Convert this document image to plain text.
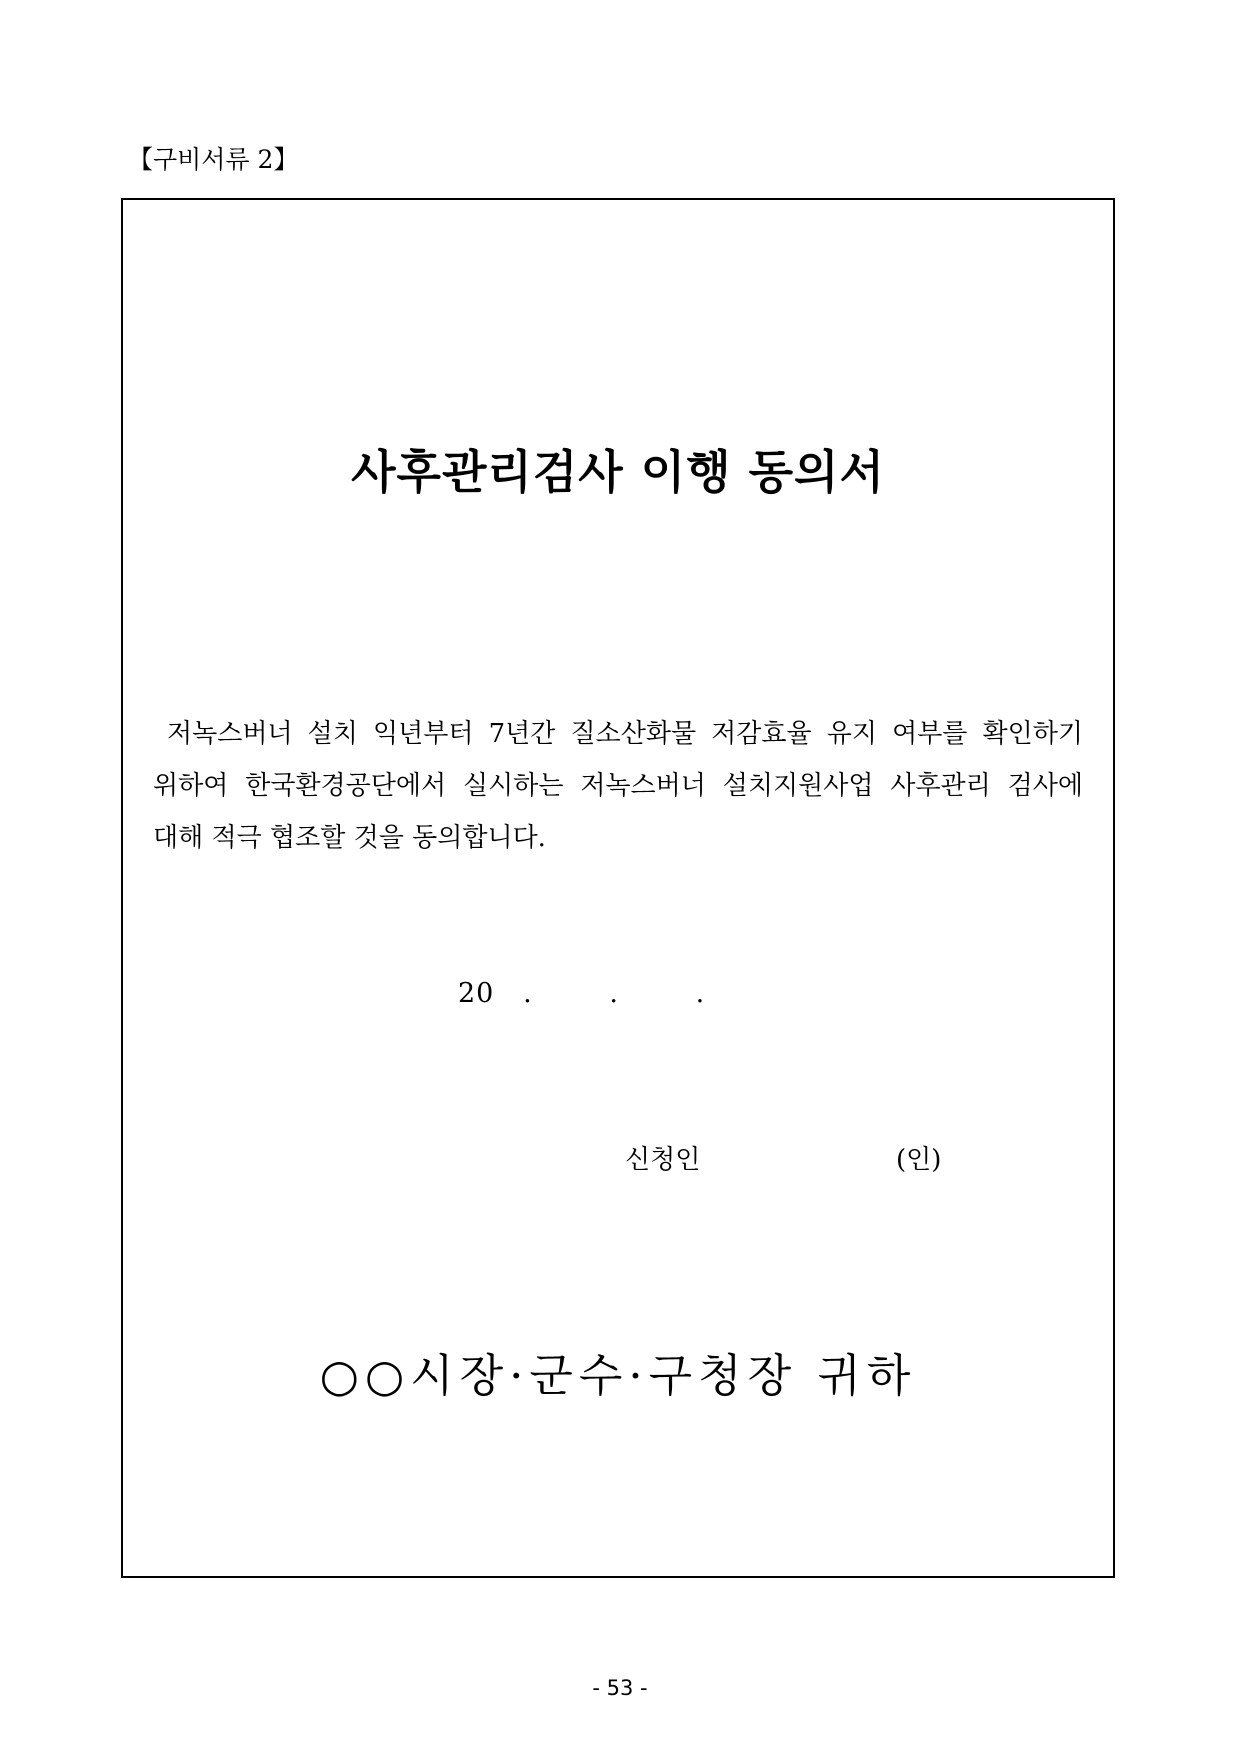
【구비서류 2】
사후관리검사 이행 동의서

저녹스버너 설치 익년부터 7년간 질소산화물 저감효율 유지 여부를 확인하기 위하여 한국환경공단에서 실시하는 저녹스버너 설치지원사업 사후관리 검사에 대해 적극 협조할 것을 동의합니다.

20   .        .        .
신청인	(인)
○○시장·군수·구청장 귀하
- 53 -
